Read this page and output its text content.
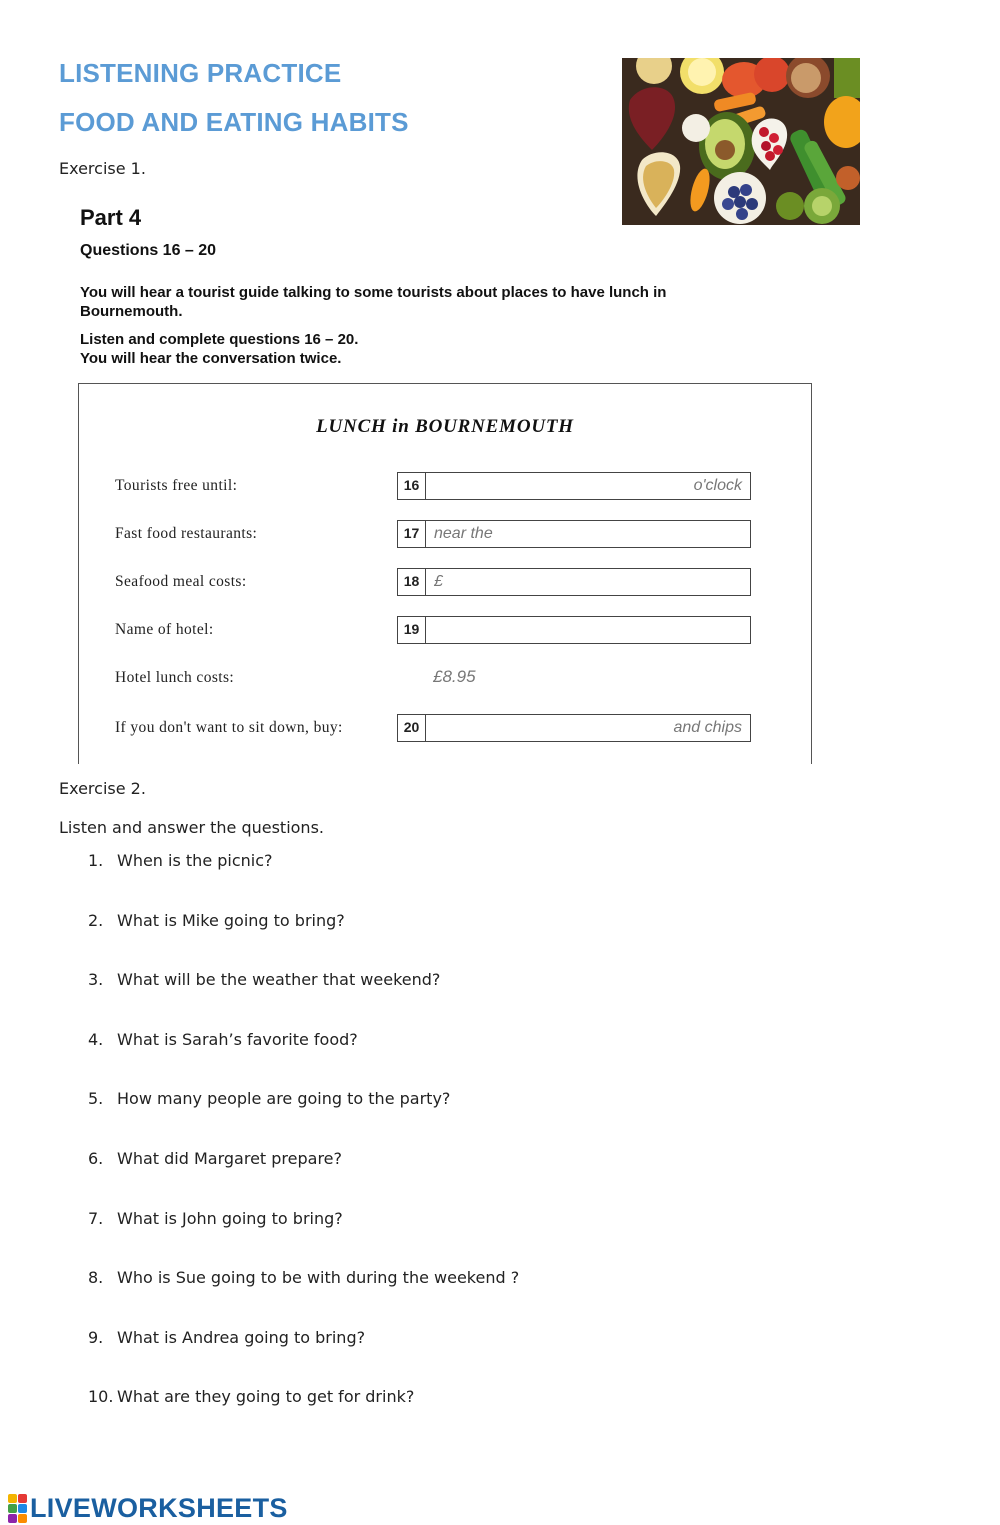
LISTENING PRACTICE
FOOD AND EATING HABITS

Exercise 1.

Part 4
Questions 16 – 20
You will hear a tourist guide talking to some tourists about places to have lunch in Bournemouth.
Listen and complete questions 16 – 20.
You will hear the conversation twice.
LUNCH in BOURNEMOUTH
Tourists free until:	16	o'clock
Fast food restaurants:	17 near the
Seafood meal costs:	18 £
Name of hotel:	19
Hotel lunch costs:	£8.95
If you don't want to sit down, buy:	20	and chips

Exercise 2.

Listen and answer the questions.

1. When is the picnic?
2. What is Mike going to bring?
3. What will be the weather that weekend?
4. What is Sarah’s favorite food?
5. How many people are going to the party?
6. What did Margaret prepare?
7. What is John going to bring?
8. Who is Sue going to be with during the weekend ?
9. What is Andrea going to bring?
10. What are they going to get for drink?
LIVEWORKSHEETS
